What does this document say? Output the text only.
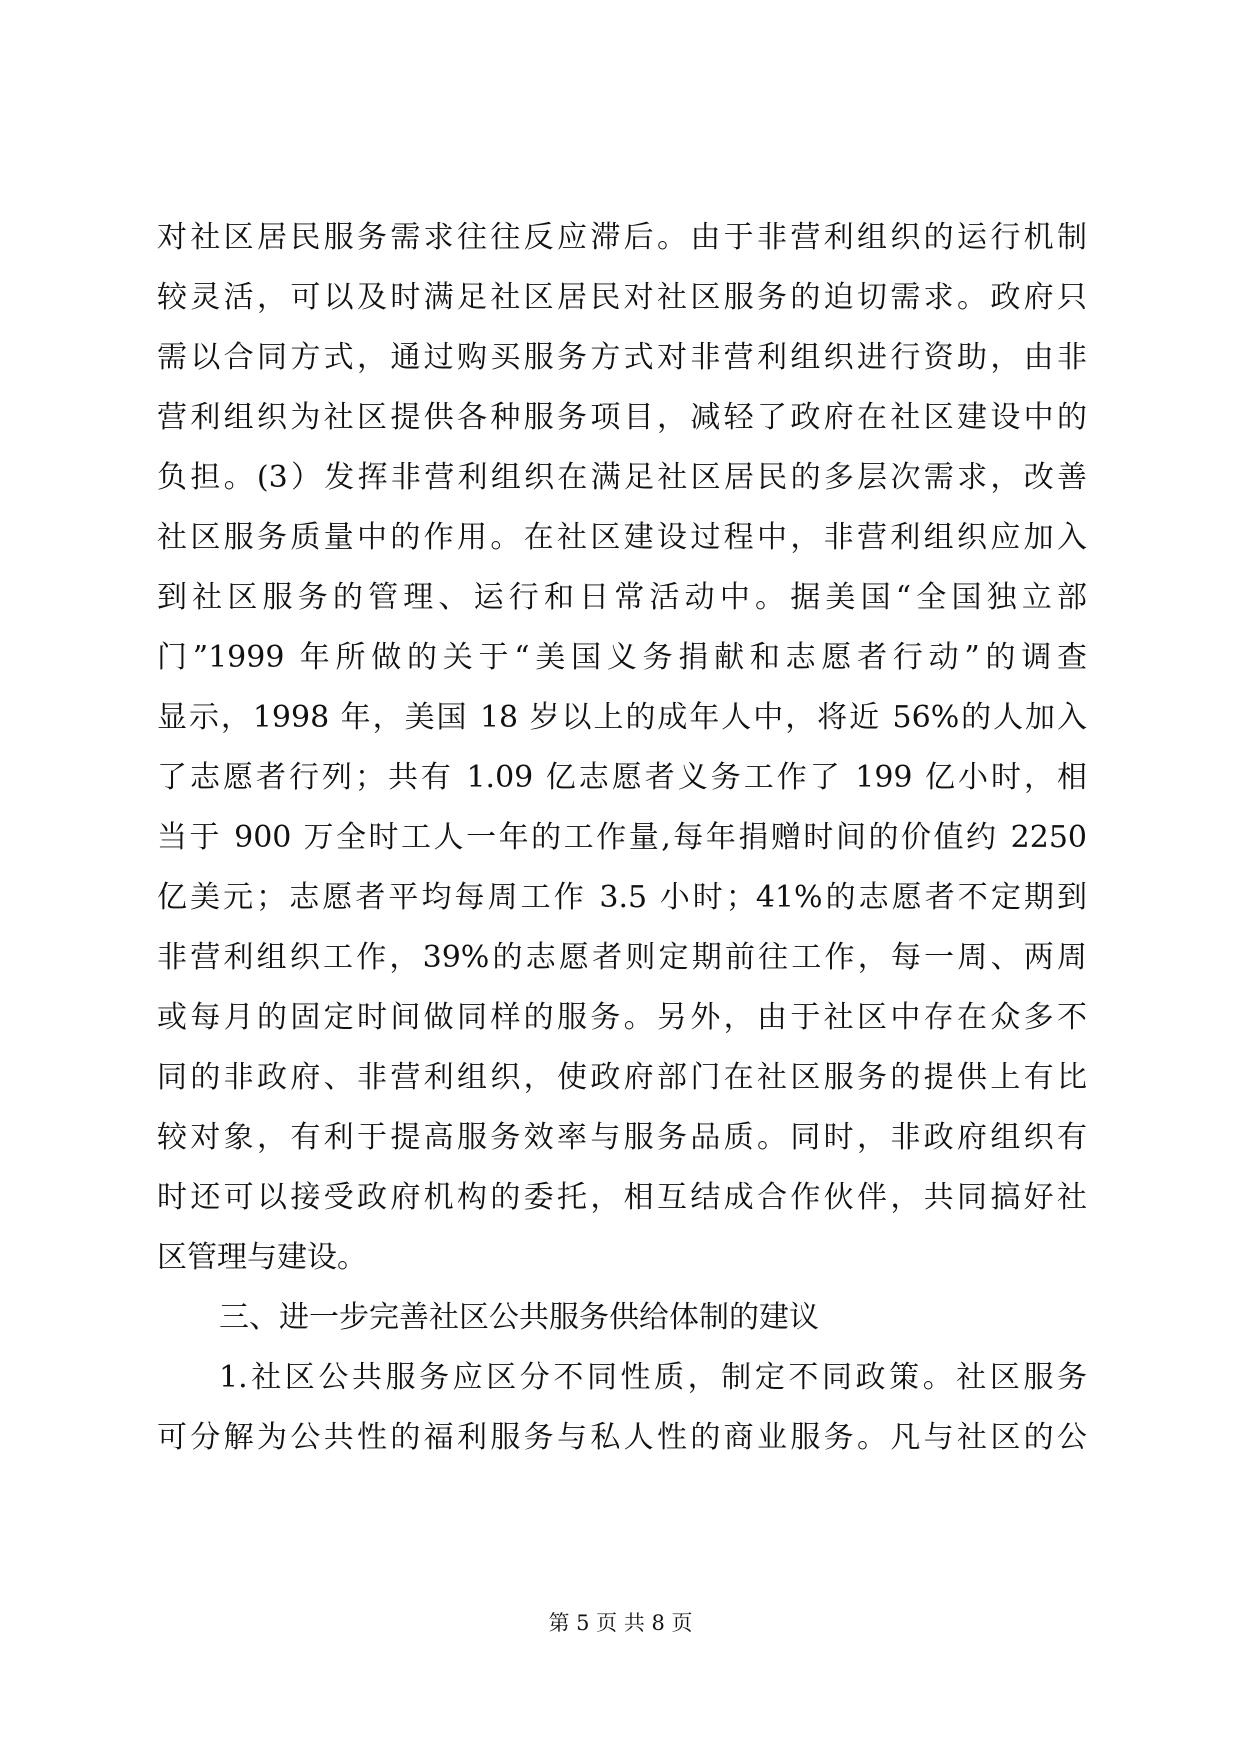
对社区居民服务需求往往反应滞后。由于非营利组织的运行机制
较灵活，可以及时满足社区居民对社区服务的迫切需求。政府只
需以合同方式，通过购买服务方式对非营利组织进行资助，由非
营利组织为社区提供各种服务项目，减轻了政府在社区建设中的
负担。(3）发挥非营利组织在满足社区居民的多层次需求，改善
社区服务质量中的作用。在社区建设过程中，非营利组织应加入
到社区服务的管理、运行和日常活动中。据美国“全国独立部
门”1999 年所做的关于“美国义务捐献和志愿者行动”的调查
显示，1998 年，美国 18 岁以上的成年人中，将近 56%的人加入
了志愿者行列；共有 1.09 亿志愿者义务工作了 199 亿小时，相
当于 900 万全时工人一年的工作量,每年捐赠时间的价值约 2250
亿美元；志愿者平均每周工作 3.5 小时；41%的志愿者不定期到
非营利组织工作，39%的志愿者则定期前往工作，每一周、两周
或每月的固定时间做同样的服务。另外，由于社区中存在众多不
同的非政府、非营利组织，使政府部门在社区服务的提供上有比
较对象，有利于提高服务效率与服务品质。同时，非政府组织有
时还可以接受政府机构的委托，相互结成合作伙伴，共同搞好社
区管理与建设。
三、进一步完善社区公共服务供给体制的建议
1.社区公共服务应区分不同性质，制定不同政策。社区服务
可分解为公共性的福利服务与私人性的商业服务。凡与社区的公
第 5 页 共 8 页
